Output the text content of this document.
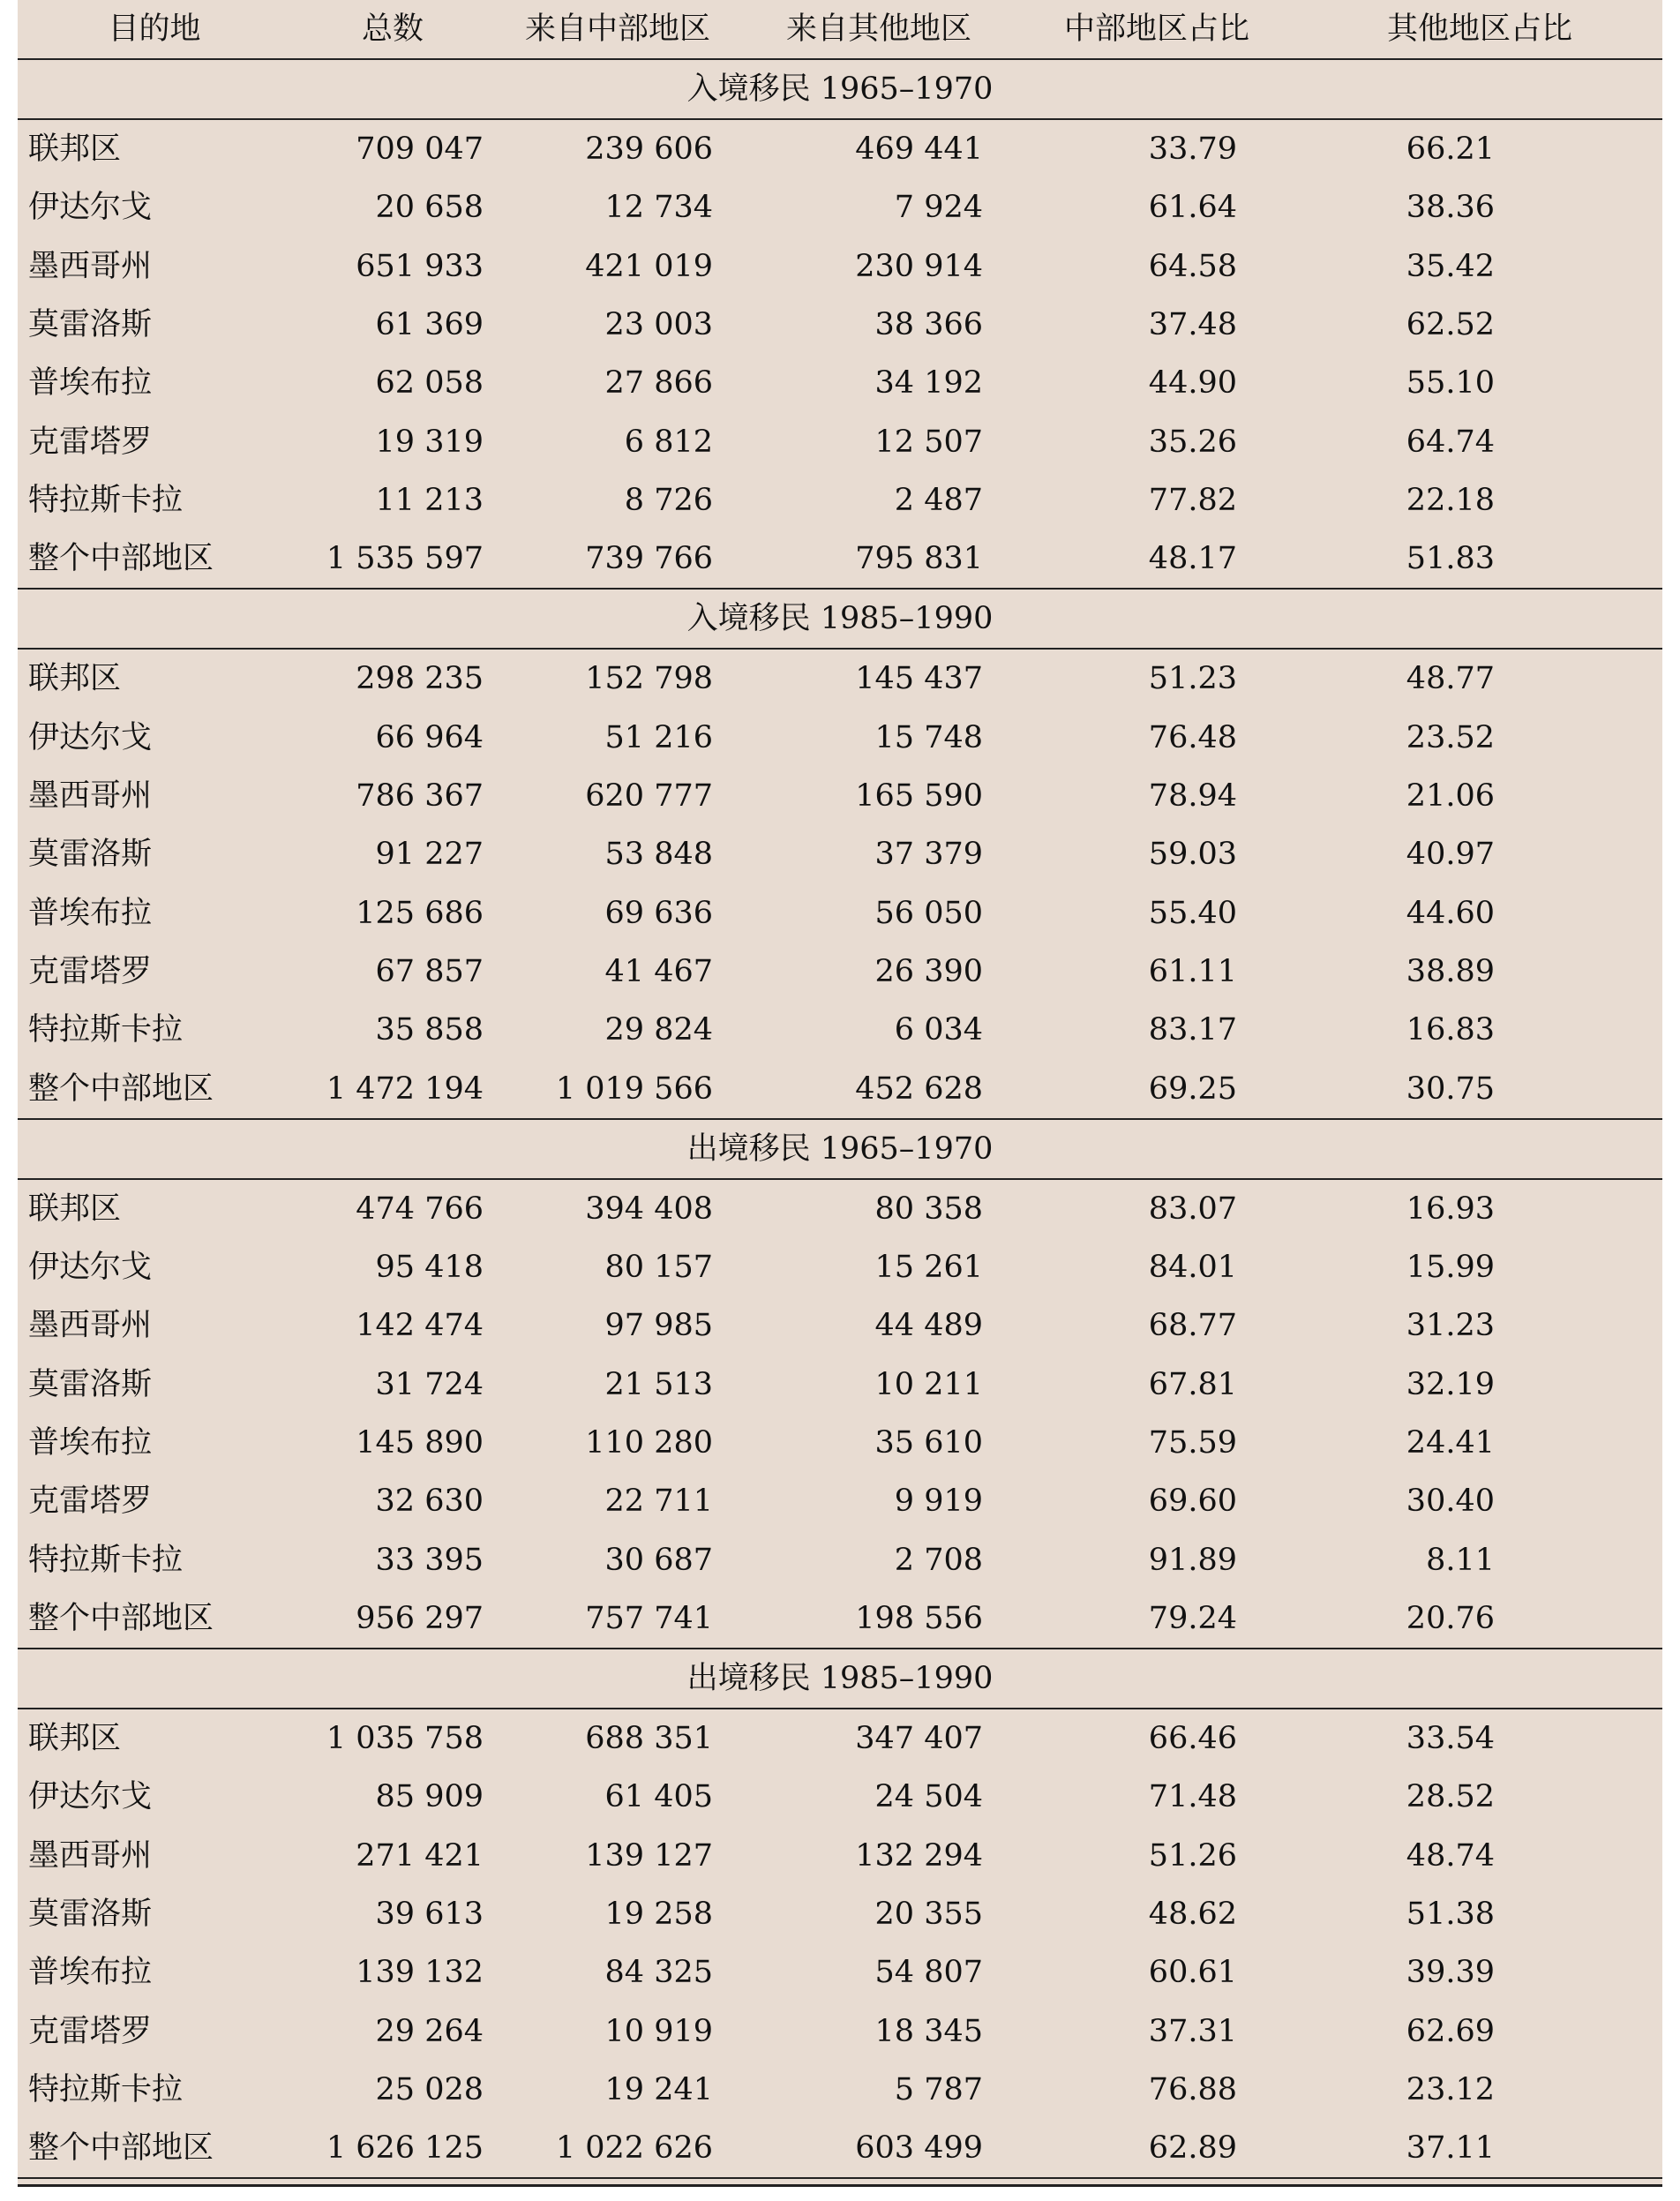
目的地	总数	来自中部地区	来自其他地区	中部地区占比	其他地区占比
入境移民 1965–1970					
联邦区	709 047	239 606	469 441	33.79	66.21
伊达尔戈	20 658	12 734	7 924	61.64	38.36
墨西哥州	651 933	421 019	230 914	64.58	35.42
莫雷洛斯	61 369	23 003	38 366	37.48	62.52
普埃布拉	62 058	27 866	34 192	44.90	55.10
克雷塔罗	19 319	6 812	12 507	35.26	64.74
特拉斯卡拉	11 213	8 726	2 487	77.82	22.18
整个中部地区	1 535 597	739 766	795 831	48.17	51.83
入境移民 1985–1990					
联邦区	298 235	152 798	145 437	51.23	48.77
伊达尔戈	66 964	51 216	15 748	76.48	23.52
墨西哥州	786 367	620 777	165 590	78.94	21.06
莫雷洛斯	91 227	53 848	37 379	59.03	40.97
普埃布拉	125 686	69 636	56 050	55.40	44.60
克雷塔罗	67 857	41 467	26 390	61.11	38.89
特拉斯卡拉	35 858	29 824	6 034	83.17	16.83
整个中部地区	1 472 194	1 019 566	452 628	69.25	30.75
出境移民 1965–1970					
联邦区	474 766	394 408	80 358	83.07	16.93
伊达尔戈	95 418	80 157	15 261	84.01	15.99
墨西哥州	142 474	97 985	44 489	68.77	31.23
莫雷洛斯	31 724	21 513	10 211	67.81	32.19
普埃布拉	145 890	110 280	35 610	75.59	24.41
克雷塔罗	32 630	22 711	9 919	69.60	30.40
特拉斯卡拉	33 395	30 687	2 708	91.89	8.11
整个中部地区	956 297	757 741	198 556	79.24	20.76
出境移民 1985–1990					
联邦区	1 035 758	688 351	347 407	66.46	33.54
伊达尔戈	85 909	61 405	24 504	71.48	28.52
墨西哥州	271 421	139 127	132 294	51.26	48.74
莫雷洛斯	39 613	19 258	20 355	48.62	51.38
普埃布拉	139 132	84 325	54 807	60.61	39.39
克雷塔罗	29 264	10 919	18 345	37.31	62.69
特拉斯卡拉	25 028	19 241	5 787	76.88	23.12
整个中部地区	1 626 125	1 022 626	603 499	62.89	37.11
